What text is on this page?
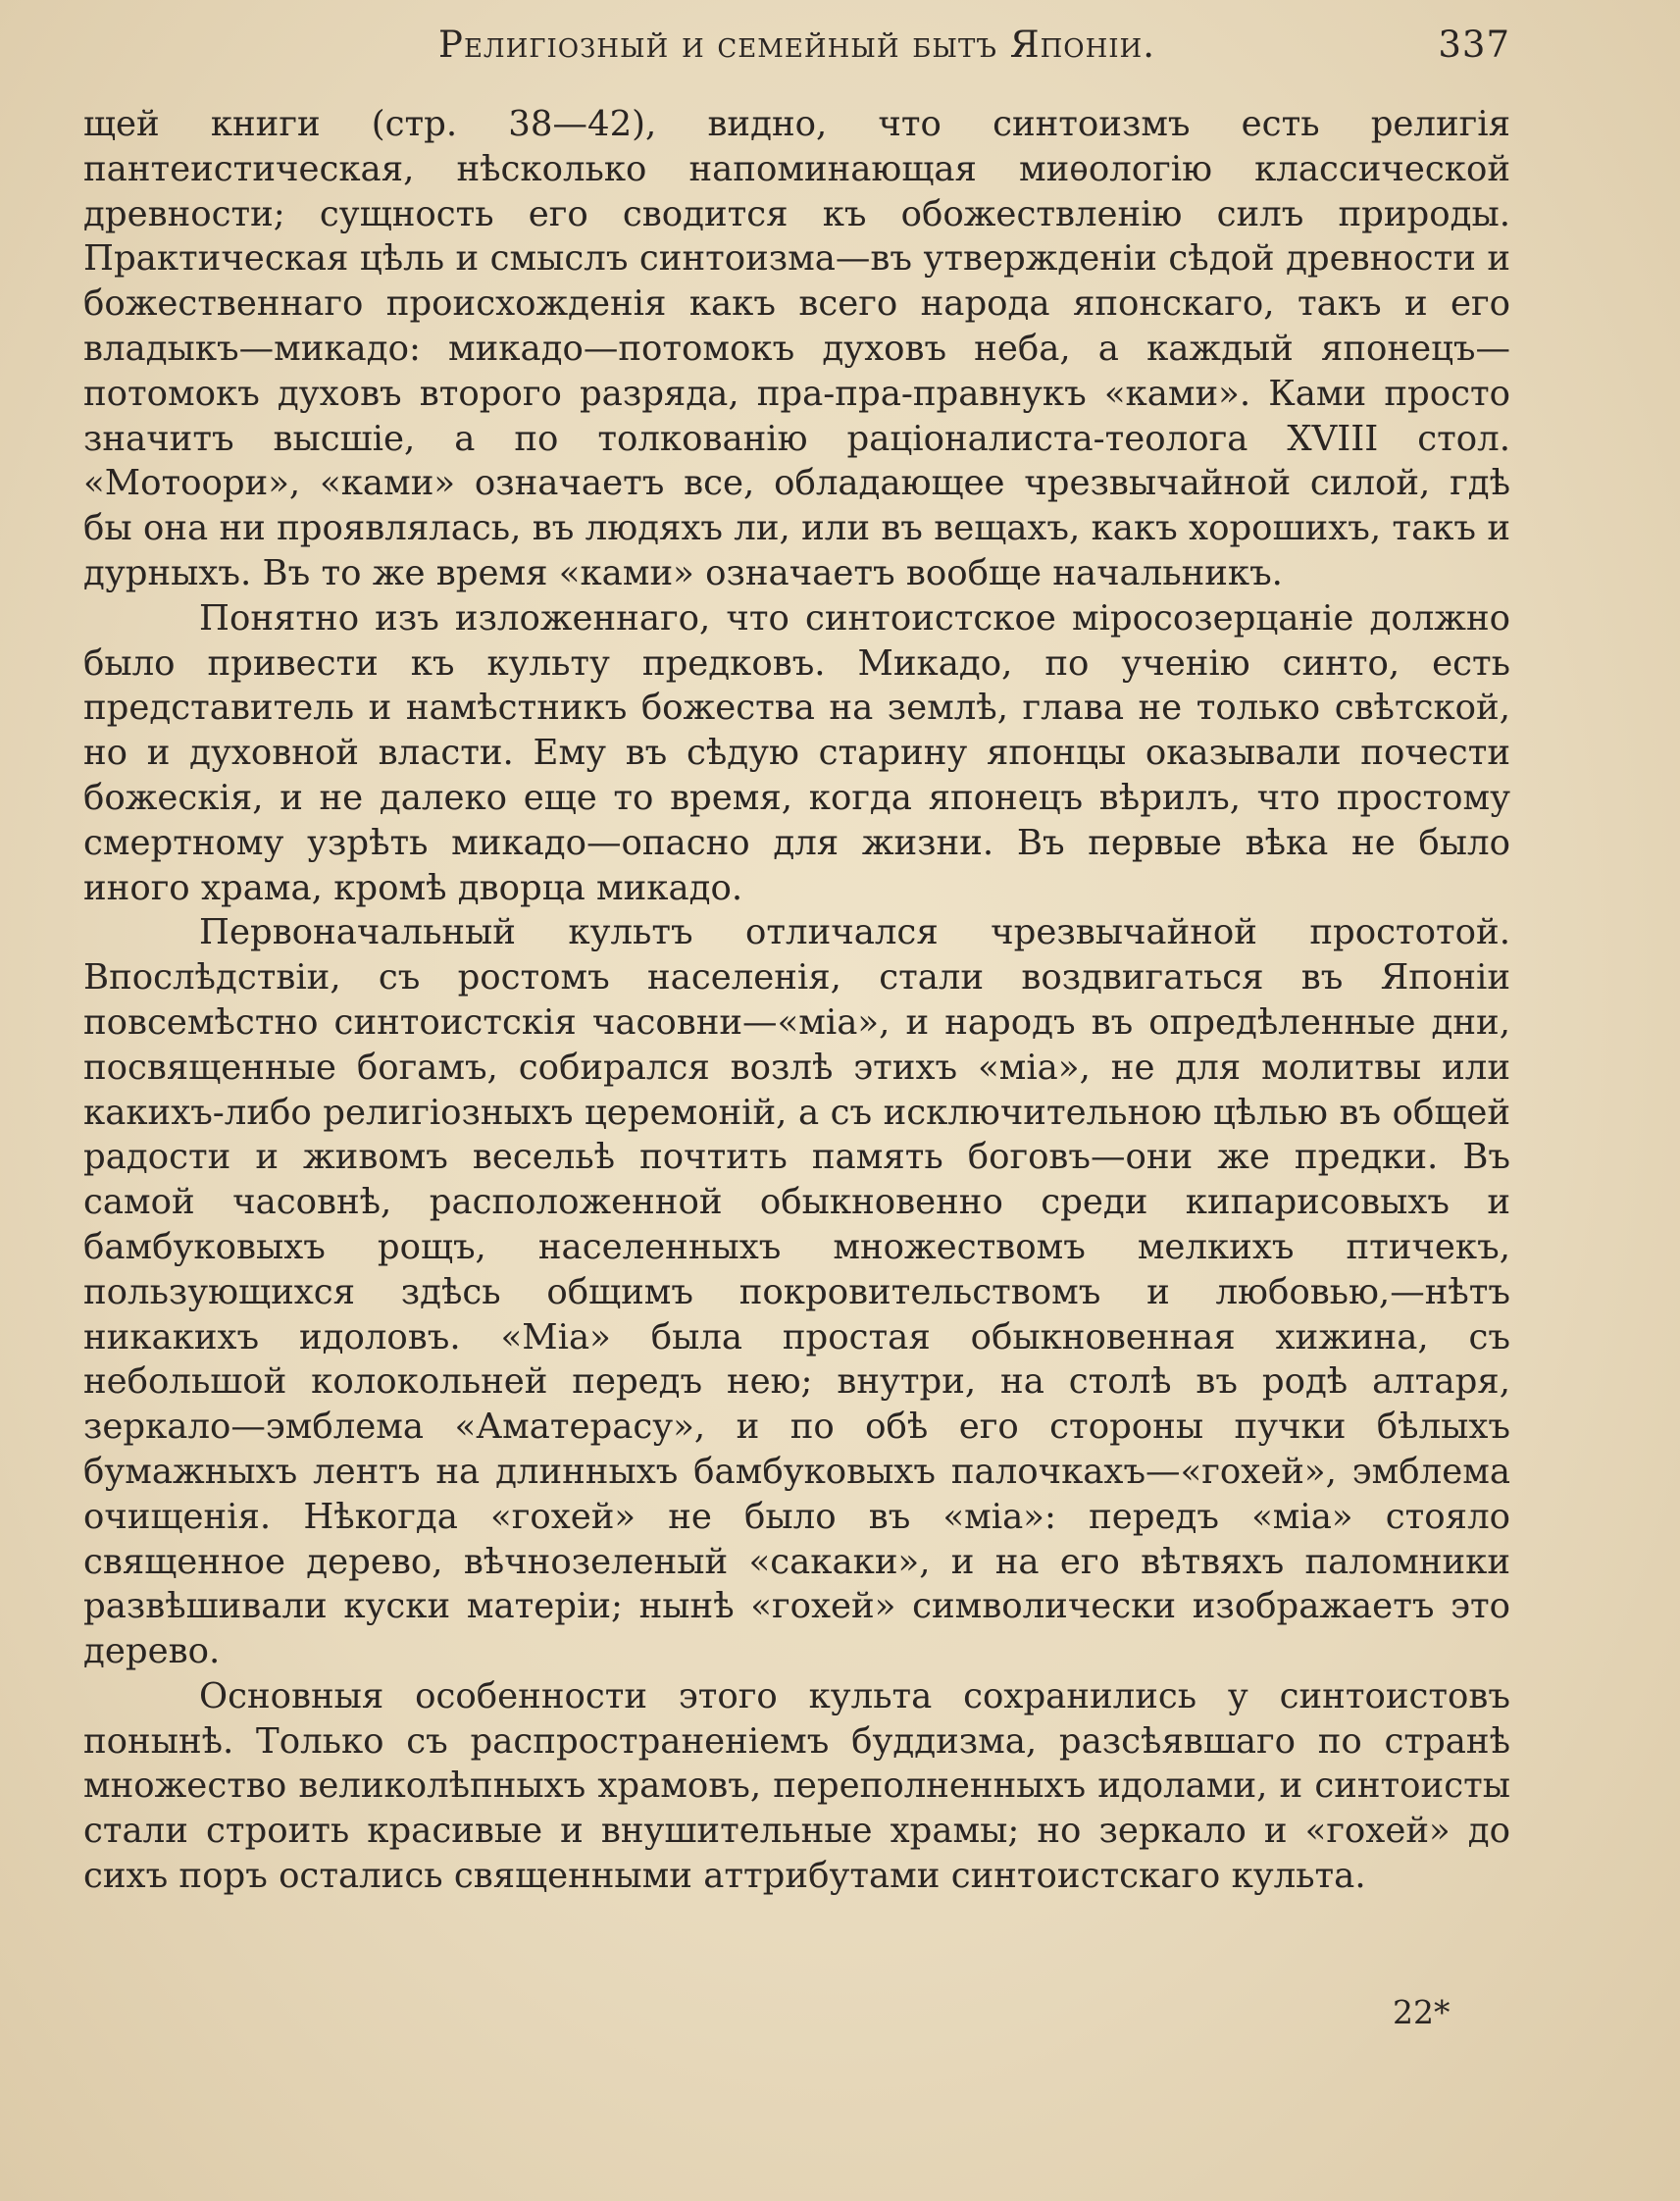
Религіозный и семейный бытъ Японіи.	337

щей книги (стр. 38—42), видно, что синтоизмъ есть религія пантеистическая, нѣсколько напоминающая миѳологію классической древности; сущность его сводится къ обожествленію силъ природы. Практическая цѣль и смыслъ синтоизма—въ утвержденіи сѣдой древности и божественнаго происхожденія какъ всего народа японскаго, такъ и его владыкъ—микадо: микадо—потомокъ духовъ неба, а каждый японецъ—потомокъ духовъ второго разряда, пра-пра-правнукъ «ками». Ками просто значитъ высшіе, а по толкованію раціоналиста-теолога XVIII стол. «Мотоори», «ками» означаетъ все, обладающее чрезвычайной силой, гдѣ бы она ни проявлялась, въ людяхъ ли, или въ вещахъ, какъ хорошихъ, такъ и дурныхъ. Въ то же время «ками» означаетъ вообще начальникъ.

Понятно изъ изложеннаго, что синтоистское міросозерцаніе должно было привести къ культу предковъ. Микадо, по ученію синто, есть представитель и намѣстникъ божества на землѣ, глава не только свѣтской, но и духовной власти. Ему въ сѣдую старину японцы оказывали почести божескія, и не далеко еще то время, когда японецъ вѣрилъ, что простому смертному узрѣть микадо—опасно для жизни. Въ первые вѣка не было иного храма, кромѣ дворца микадо.

Первоначальный культъ отличался чрезвычайной простотой. Впослѣдствіи, съ ростомъ населенія, стали воздвигаться въ Японіи повсемѣстно синтоистскія часовни—«міа», и народъ въ опредѣленные дни, посвященные богамъ, собирался возлѣ этихъ «міа», не для молитвы или какихъ-либо религіозныхъ церемоній, а съ исключительною цѣлью въ общей радости и живомъ весельѣ почтить память боговъ—они же предки. Въ самой часовнѣ, расположенной обыкновенно среди кипарисовыхъ и бамбуковыхъ рощъ, населенныхъ множествомъ мелкихъ птичекъ, пользующихся здѣсь общимъ покровительствомъ и любовью,—нѣтъ никакихъ идоловъ. «Міа» была простая обыкновенная хижина, съ небольшой колокольней передъ нею; внутри, на столѣ въ родѣ алтаря, зеркало—эмблема «Аматерасу», и по обѣ его стороны пучки бѣлыхъ бумажныхъ лентъ на длинныхъ бамбуковыхъ палочкахъ—«гохей», эмблема очищенія. Нѣкогда «гохей» не было въ «міа»: передъ «міа» стояло священное дерево, вѣчнозеленый «сакаки», и на его вѣтвяхъ паломники развѣшивали куски матеріи; нынѣ «гохей» символически изображаетъ это дерево.

Основныя особенности этого культа сохранились у синтоистовъ понынѣ. Только съ распространеніемъ буддизма, разсѣявшаго по странѣ множество великолѣпныхъ храмовъ, переполненныхъ идолами, и синтоисты стали строить красивые и внушительные храмы; но зеркало и «гохей» до сихъ поръ остались священными аттрибутами синтоистскаго культа.

22*
